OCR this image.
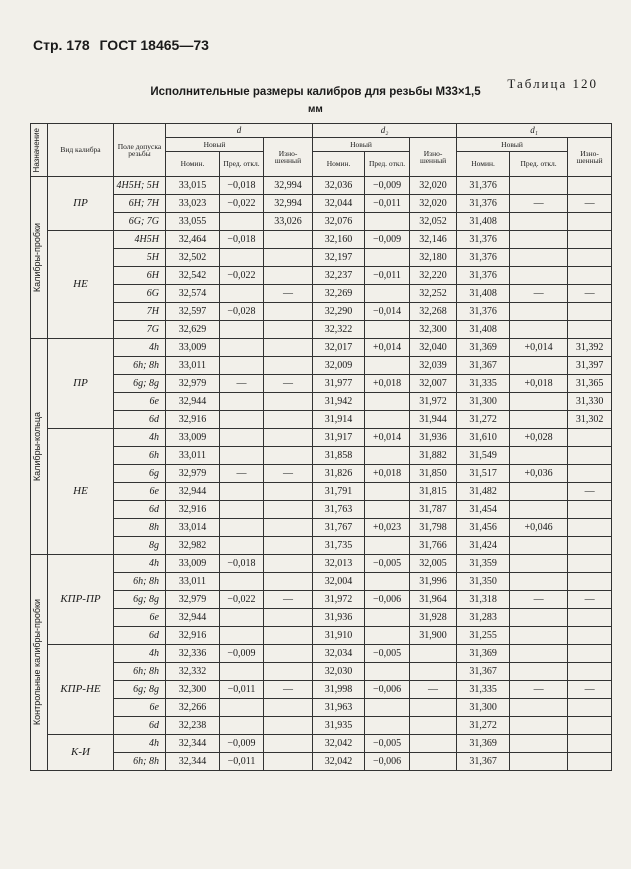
Стр. 178 ГОСТ 18465—73
Таблица 120
Исполнительные размеры калибров для резьбы М33×1,5
мм
Назначение	Вид калибра	Поле допуска резьбы	d			d₂			d₁		
			Новый		Изно-шенный	Новый		Изно-шенный	Новый		Изно-шенный
			Номин.	Пред. откл.		Номин.	Пред. откл.		Номин.	Пред. откл.	

Калибры-пробки	ПР	4H5H; 5H	33,015	−0,018	32,994	32,036	−0,009	32,020	31,376		
		6H; 7H	33,023	−0,022	32,994	32,044	−0,011	32,020	31,376	—	—
		6G; 7G	33,055		33,026	32,076		32,052	31,408		
	НЕ	4H5H	32,464	−0,018		32,160	−0,009	32,146	31,376		
		5H	32,502			32,197		32,180	31,376		
		6H	32,542	−0,022		32,237	−0,011	32,220	31,376		
		6G	32,574		—	32,269		32,252	31,408	—	—
		7H	32,597	−0,028		32,290	−0,014	32,268	31,376		
		7G	32,629			32,322		32,300	31,408		

Калибры-кольца	ПР	4h	33,009			32,017	+0,014	32,040	31,369	+0,014	31,392
		6h; 8h	33,011			32,009		32,039	31,367		31,397
		6g; 8g	32,979	—	—	31,977	+0,018	32,007	31,335	+0,018	31,365
		6e	32,944			31,942		31,972	31,300		31,330
		6d	32,916			31,914		31,944	31,272		31,302
	НЕ	4h	33,009			31,917	+0,014	31,936	31,610	+0,028	
		6h	33,011			31,858		31,882	31,549		
		6g	32,979	—	—	31,826	+0,018	31,850	31,517	+0,036	
		6e	32,944			31,791		31,815	31,482		—
		6d	32,916			31,763		31,787	31,454		
		8h	33,014			31,767	+0,023	31,798	31,456	+0,046	
		8g	32,982			31,735		31,766	31,424		

Контрольные калибры-пробки	КПР-ПР	4h	33,009	−0,018		32,013	−0,005	32,005	31,359		
		6h; 8h	33,011			32,004		31,996	31,350		
		6g; 8g	32,979	−0,022	—	31,972	−0,006	31,964	31,318	—	—
		6e	32,944			31,936		31,928	31,283		
		6d	32,916			31,910		31,900	31,255		
	КПР-НЕ	4h	32,336	−0,009		32,034	−0,005		31,369		
		6h; 8h	32,332			32,030			31,367		
		6g; 8g	32,300	−0,011	—	31,998	−0,006	—	31,335	—	—
		6e	32,266			31,963			31,300		
		6d	32,238			31,935			31,272		
	К-И	4h	32,344	−0,009		32,042	−0,005		31,369		
		6h; 8h	32,344	−0,011		32,042	−0,006		31,367		
